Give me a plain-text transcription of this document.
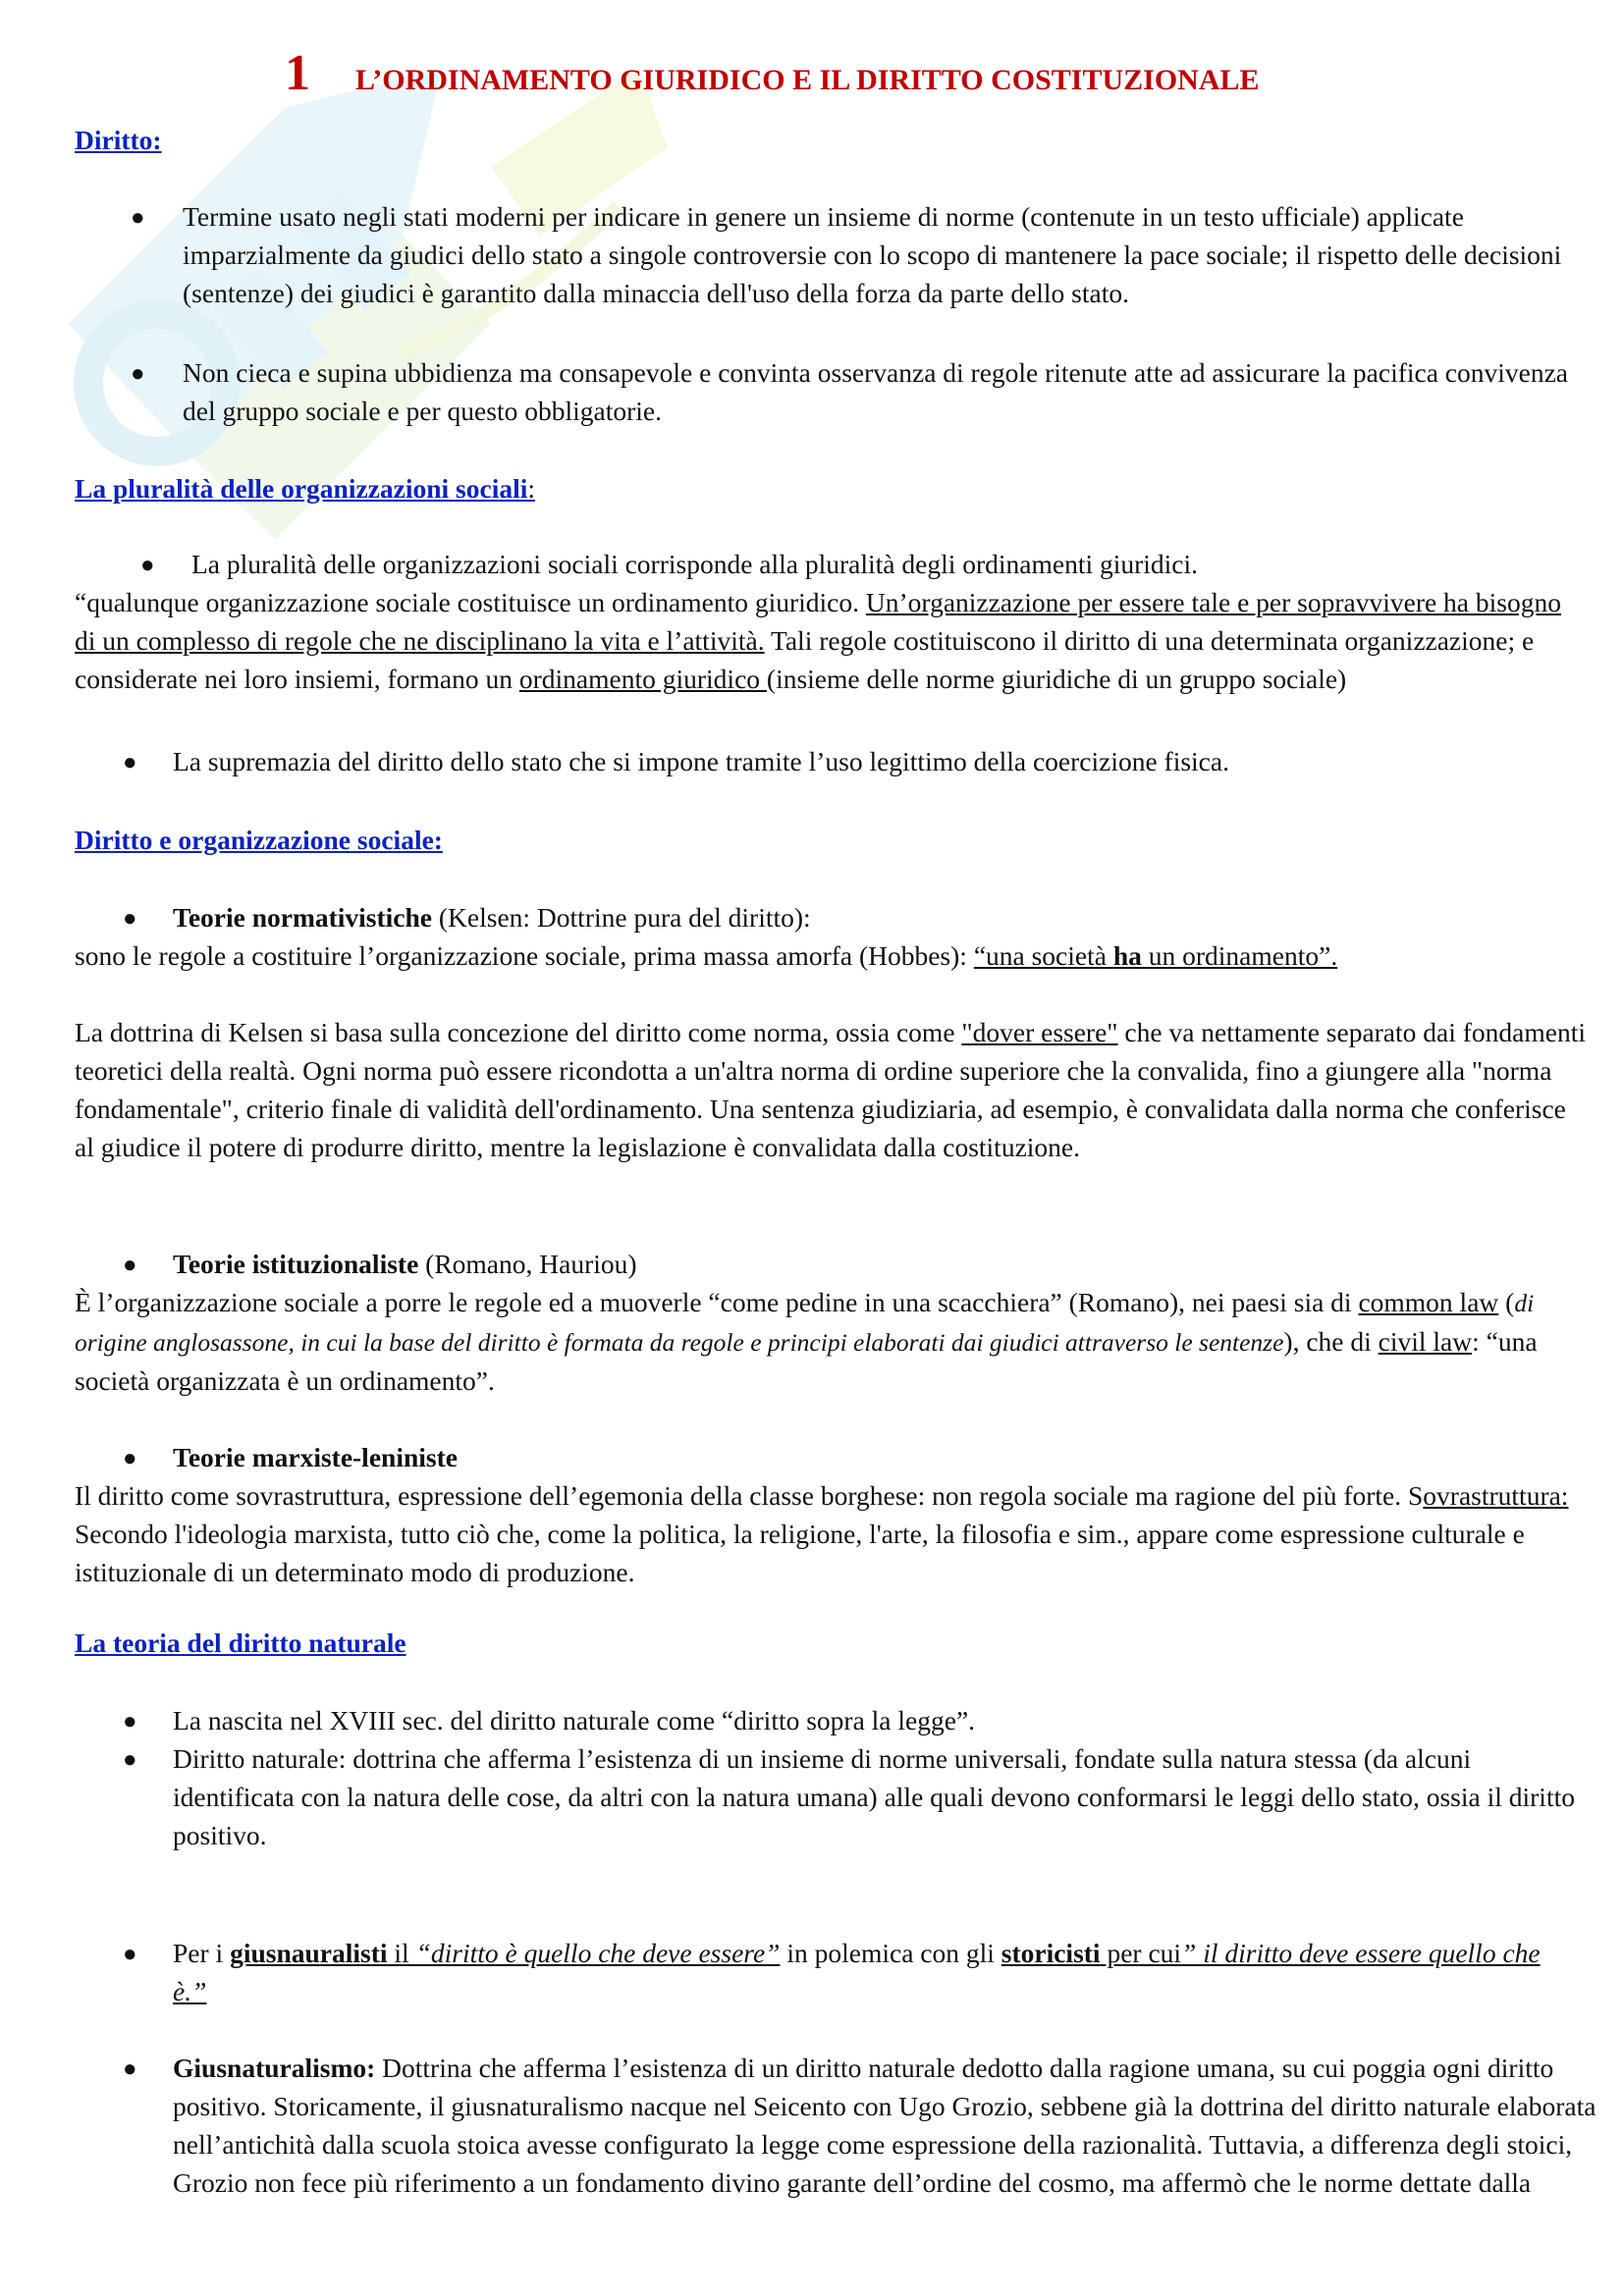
1 L’ORDINAMENTO GIURIDICO E IL DIRITTO COSTITUZIONALE
Diritto:
● Termine usato negli stati moderni per indicare in genere un insieme di norme (contenute in un testo ufficiale) applicate imparzialmente da giudici dello stato a singole controversie con lo scopo di mantenere la pace sociale; il rispetto delle decisioni (sentenze) dei giudici è garantito dalla minaccia dell'uso della forza da parte dello stato.

● Non cieca e supina ubbidienza ma consapevole e convinta osservanza di regole ritenute atte ad assicurare la pacifica convivenza del gruppo sociale e per questo obbligatorie.

La pluralità delle organizzazioni sociali:
● La pluralità delle organizzazioni sociali corrisponde alla pluralità degli ordinamenti giuridici.

“qualunque organizzazione sociale costituisce un ordinamento giuridico. Un’organizzazione per essere tale e per sopravvivere ha bisogno di un complesso di regole che ne disciplinano la vita e l’attività. Tali regole costituiscono il diritto di una determinata organizzazione; e considerate nei loro insiemi, formano un ordinamento giuridico (insieme delle norme giuridiche di un gruppo sociale)

● La supremazia del diritto dello stato che si impone tramite l’uso legittimo della coercizione fisica.

Diritto e organizzazione sociale:
● Teorie normativistiche (Kelsen: Dottrine pura del diritto):

sono le regole a costituire l’organizzazione sociale, prima massa amorfa (Hobbes): “una società ha un ordinamento”.

La dottrina di Kelsen si basa sulla concezione del diritto come norma, ossia come "dover essere" che va nettamente separato dai fondamenti teoretici della realtà. Ogni norma può essere ricondotta a un'altra norma di ordine superiore che la convalida, fino a giungere alla "norma fondamentale", criterio finale di validità dell'ordinamento. Una sentenza giudiziaria, ad esempio, è convalidata dalla norma che conferisce al giudice il potere di produrre diritto, mentre la legislazione è convalidata dalla costituzione.

● Teorie istituzionaliste (Romano, Hauriou)

È l’organizzazione sociale a porre le regole ed a muoverle “come pedine in una scacchiera” (Romano), nei paesi sia di common law (di origine anglosassone, in cui la base del diritto è formata da regole e principi elaborati dai giudici attraverso le sentenze), che di civil law: “una società organizzata è un ordinamento”.

● Teorie marxiste-leniniste

Il diritto come sovrastruttura, espressione dell’egemonia della classe borghese: non regola sociale ma ragione del più forte. Sovrastruttura: Secondo l'ideologia marxista, tutto ciò che, come la politica, la religione, l'arte, la filosofia e sim., appare come espressione culturale e istituzionale di un determinato modo di produzione.

La teoria del diritto naturale
● La nascita nel XVIII sec. del diritto naturale come “diritto sopra la legge”.

● Diritto naturale: dottrina che afferma l’esistenza di un insieme di norme universali, fondate sulla natura stessa (da alcuni identificata con la natura delle cose, da altri con la natura umana) alle quali devono conformarsi le leggi dello stato, ossia il diritto positivo.

● Per i giusnauralisti il “diritto è quello che deve essere” in polemica con gli storicisti per cui” il diritto deve essere quello che è.”

● Giusnaturalismo: Dottrina che afferma l’esistenza di un diritto naturale dedotto dalla ragione umana, su cui poggia ogni diritto positivo. Storicamente, il giusnaturalismo nacque nel Seicento con Ugo Grozio, sebbene già la dottrina del diritto naturale elaborata nell’antichità dalla scuola stoica avesse configurato la legge come espressione della razionalità. Tuttavia, a differenza degli stoici, Grozio non fece più riferimento a un fondamento divino garante dell’ordine del cosmo, ma affermò che le norme dettate dalla
